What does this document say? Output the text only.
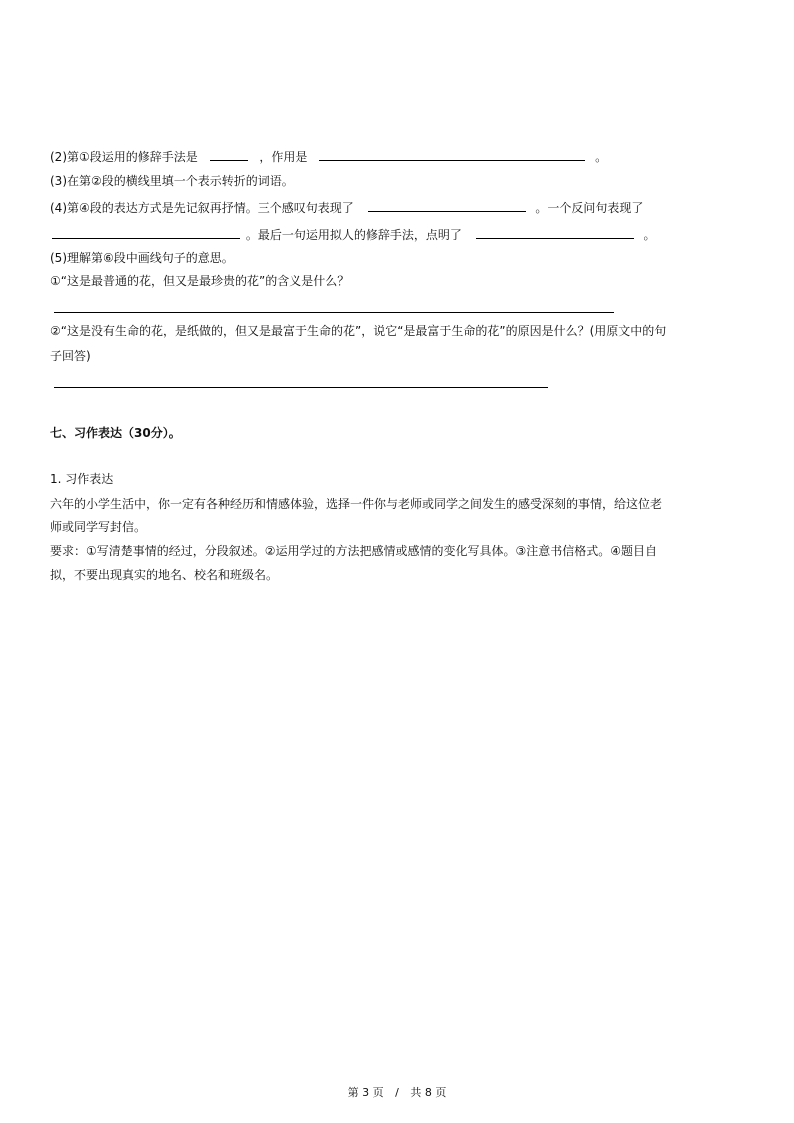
(2)第①段运用的修辞手法是	，作用是	。
(3)在第②段的横线里填一个表示转折的词语。
(4)第④段的表达方式是先记叙再抒情。三个感叹句表现了	。一个反问句表现了
。最后一句运用拟人的修辞手法，点明了	。
(5)理解第⑥段中画线句子的意思。
①“这是最普通的花，但又是最珍贵的花”的含义是什么？
②“这是没有生命的花，是纸做的，但又是最富于生命的花”，说它“是最富于生命的花”的原因是什么？(用原文中的句
子回答)
七、习作表达（30分）。
1. 习作表达
六年的小学生活中，你一定有各种经历和情感体验，选择一件你与老师或同学之间发生的感受深刻的事情，给这位老
师或同学写封信。
要求：①写清楚事情的经过，分段叙述。②运用学过的方法把感情或感情的变化写具体。③注意书信格式。④题目自
拟，不要出现真实的地名、校名和班级名。
第 3 页 / 共 8 页
